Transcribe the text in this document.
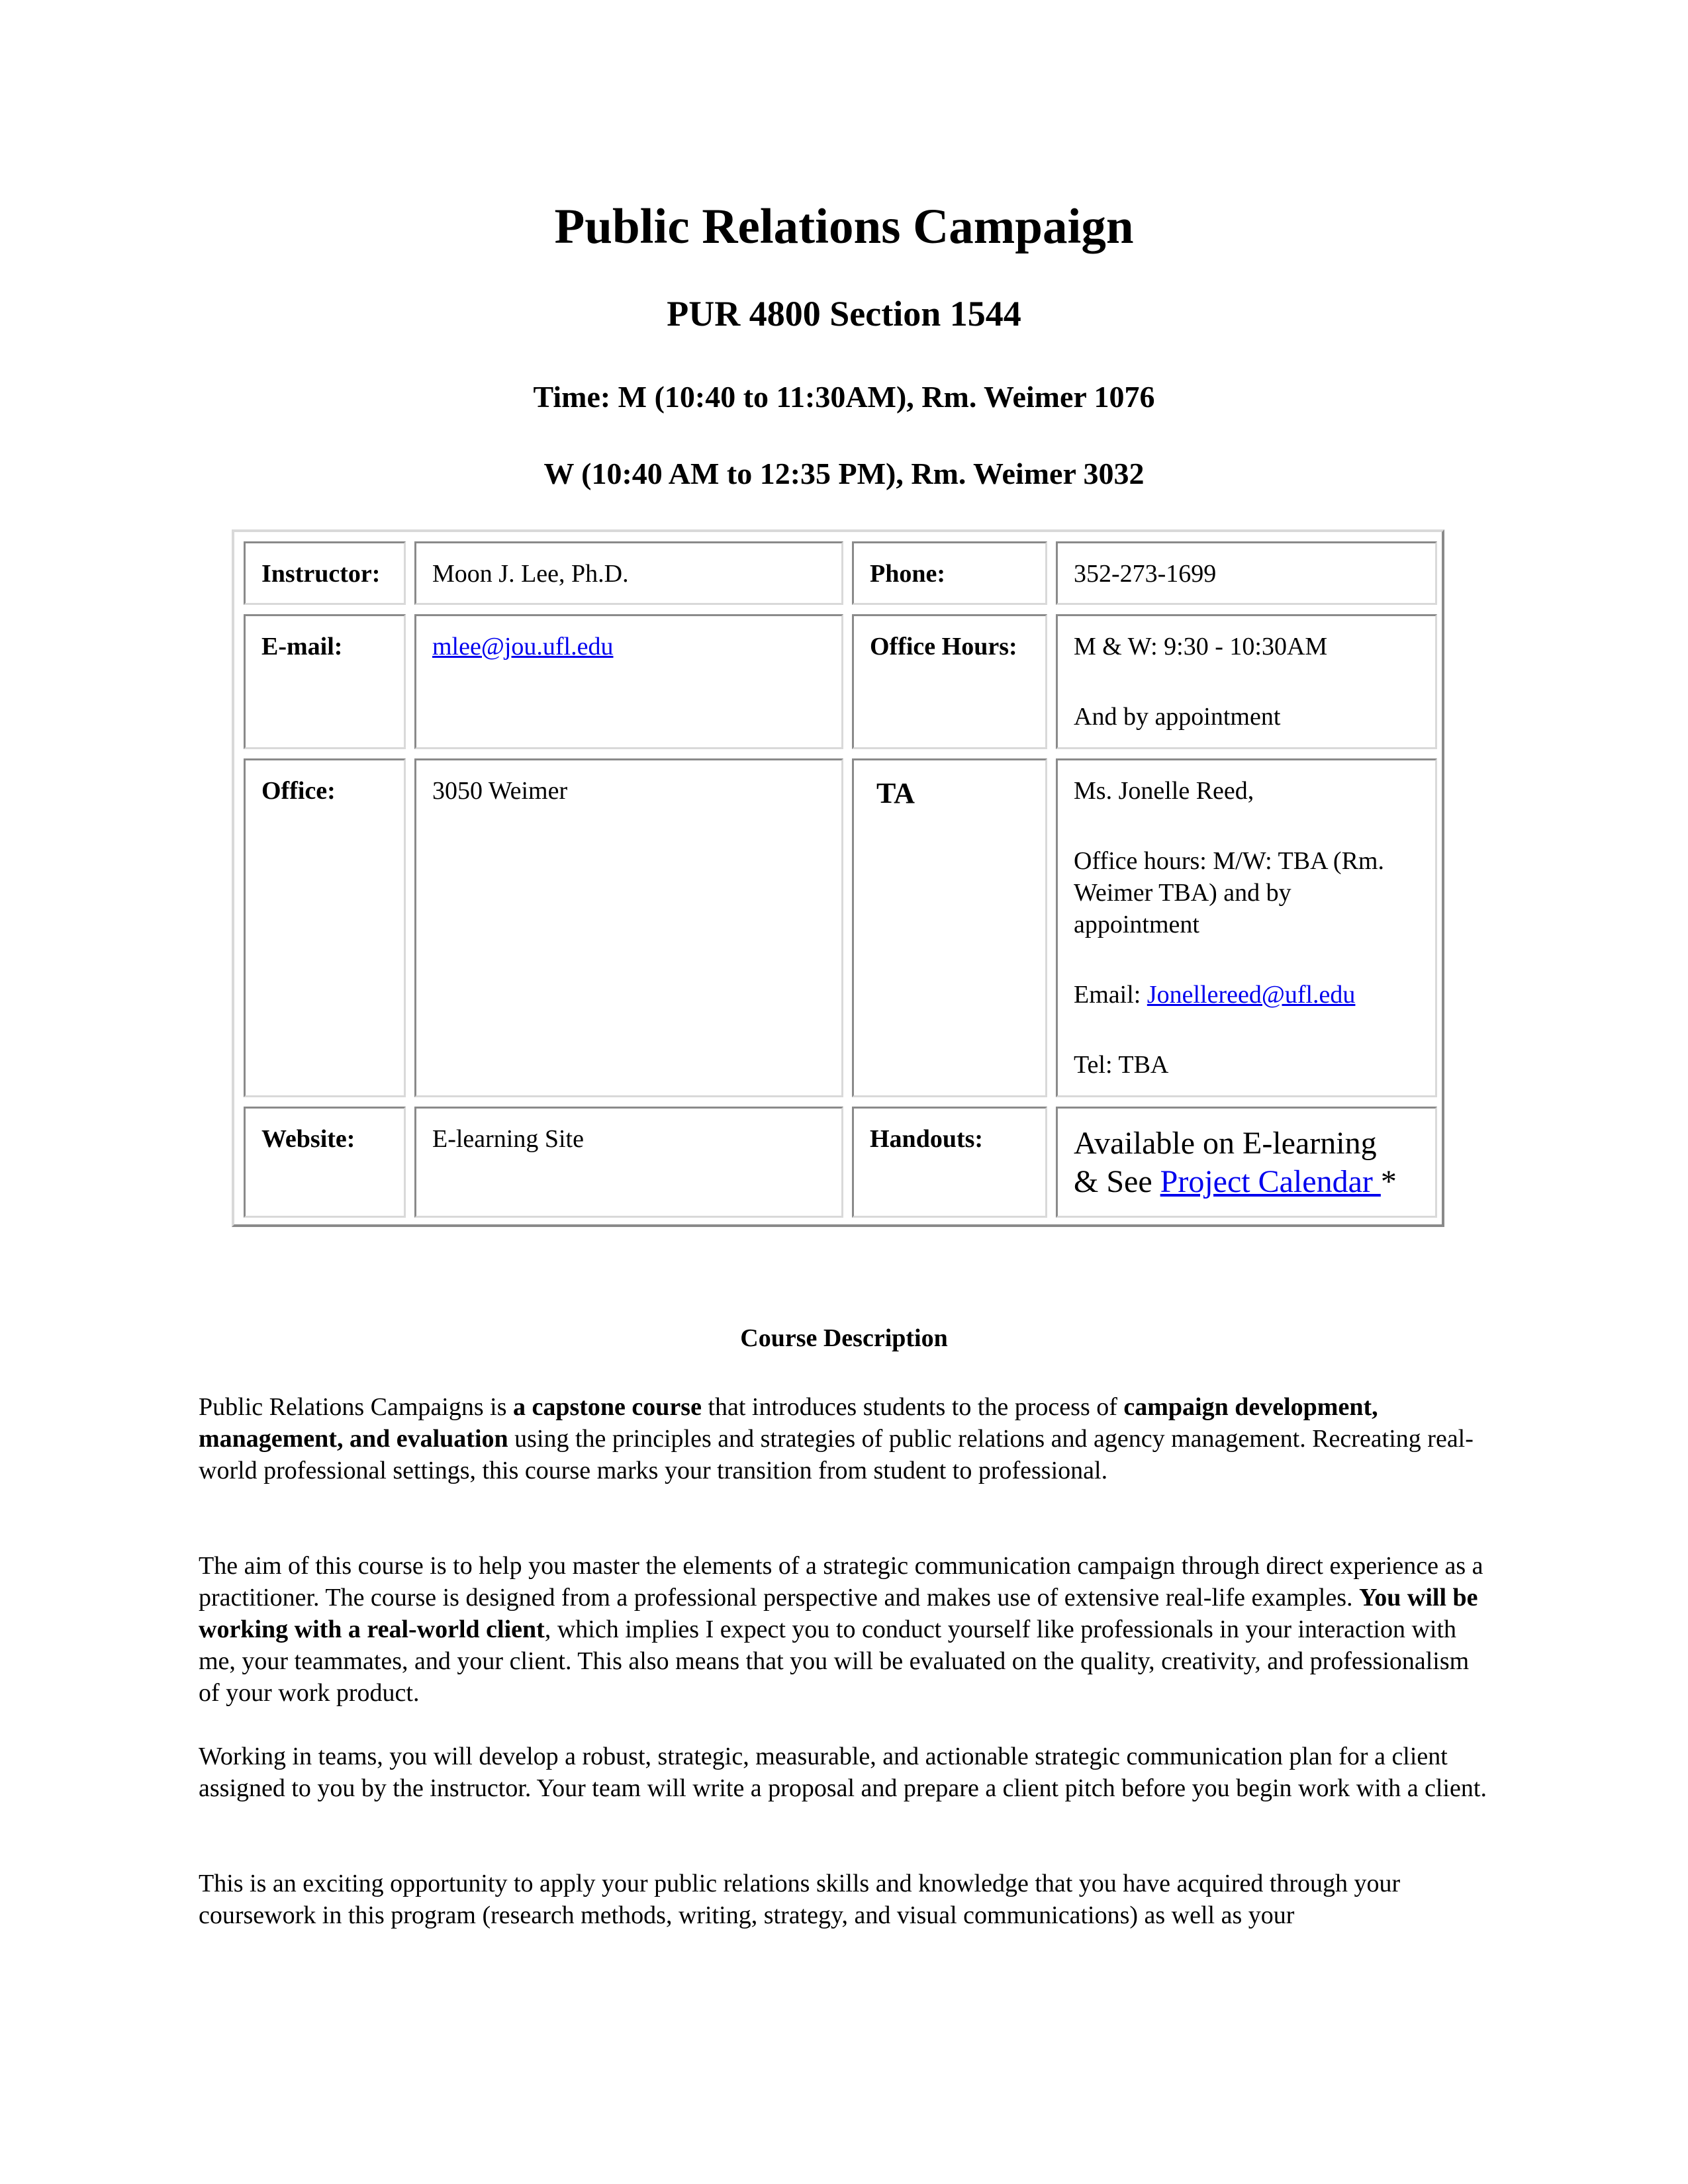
Public Relations Campaign
PUR 4800 Section 1544
Time: M (10:40 to 11:30AM), Rm. Weimer 1076
W (10:40 AM to 12:35 PM), Rm. Weimer 3032
Instructor:	Moon J. Lee, Ph.D.	Phone:	352-273-1699
E-mail:	mlee@jou.ufl.edu	Office Hours:	M & W: 9:30 - 10:30AM

And by appointment

Office:	3050 Weimer	TA	Ms. Jonelle Reed,

Office hours: M/W: TBA (Rm. Weimer TBA) and by appointment

Email: Jonellereed@ufl.edu

Tel: TBA

Website:	E-learning Site	Handouts:	Available on E-learning

& See Project Calendar *

Course Description

Public Relations Campaigns is a capstone course that introduces students to the process of campaign development, management, and evaluation using the principles and strategies of public relations and agency management. Recreating real-world professional settings, this course marks your transition from student to professional.

The aim of this course is to help you master the elements of a strategic communication campaign through direct experience as a practitioner. The course is designed from a professional perspective and makes use of extensive real-life examples. You will be working with a real-world client, which implies I expect you to conduct yourself like professionals in your interaction with me, your teammates, and your client. This also means that you will be evaluated on the quality, creativity, and professionalism of your work product.

Working in teams, you will develop a robust, strategic, measurable, and actionable strategic communication plan for a client assigned to you by the instructor. Your team will write a proposal and prepare a client pitch before you begin work with a client.

This is an exciting opportunity to apply your public relations skills and knowledge that you have acquired through your coursework in this program (research methods, writing, strategy, and visual communications) as well as your
